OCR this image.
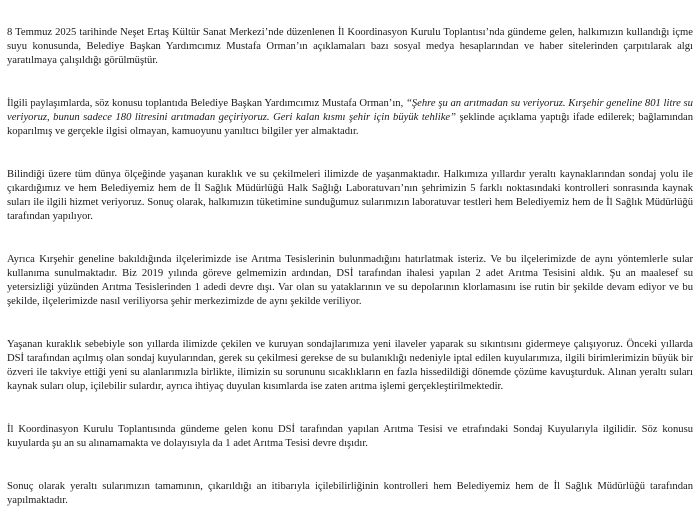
8 Temmuz 2025 tarihinde Neşet Ertaş Kültür Sanat Merkezi’nde düzenlenen İl Koordinasyon Kurulu Toplantısı’nda gündeme gelen, halkımızın kullandığı içme suyu konusunda, Belediye Başkan Yardımcımız Mustafa Orman’ın açıklamaları bazı sosyal medya hesaplarından ve haber sitelerinden çarpıtılarak algı yaratılmaya çalışıldığı görülmüştür.

İlgili paylaşımlarda, söz konusu toplantıda Belediye Başkan Yardımcımız Mustafa Orman’ın, “Şehre şu an arıtmadan su veriyoruz. Kırşehir geneline 801 litre su veriyoruz, bunun sadece 180 litresini arıtmadan geçiriyoruz. Geri kalan kısmı şehir için büyük tehlike” şeklinde açıklama yaptığı ifade edilerek; bağlamından koparılmış ve gerçekle ilgisi olmayan, kamuoyunu yanıltıcı bilgiler yer almaktadır.

Bilindiği üzere tüm dünya ölçeğinde yaşanan kuraklık ve su çekilmeleri ilimizde de yaşanmaktadır. Halkımıza yıllardır yeraltı kaynaklarından sondaj yolu ile çıkardığımız ve hem Belediyemiz hem de İl Sağlık Müdürlüğü Halk Sağlığı Laboratuvarı’nın şehrimizin 5 farklı noktasındaki kontrolleri sonrasında kaynak suları ile ilgili hizmet veriyoruz. Sonuç olarak, halkımızın tüketimine sunduğumuz sularımızın laboratuvar testleri hem Belediyemiz hem de İl Sağlık Müdürlüğü tarafından yapılıyor.

Ayrıca Kırşehir geneline bakıldığında ilçelerimizde ise Arıtma Tesislerinin bulunmadığını hatırlatmak isteriz. Ve bu ilçelerimizde de aynı yöntemlerle sular kullanıma sunulmaktadır. Biz 2019 yılında göreve gelmemizin ardından, DSİ tarafından ihalesi yapılan 2 adet Arıtma Tesisini aldık. Şu an maalesef su yetersizliği yüzünden Arıtma Tesislerinden 1 adedi devre dışı. Var olan su yataklarının ve su depolarının klorlamasını ise rutin bir şekilde devam ediyor ve bu şekilde, ilçelerimizde nasıl veriliyorsa şehir merkezimizde de aynı şekilde veriliyor.

Yaşanan kuraklık sebebiyle son yıllarda ilimizde çekilen ve kuruyan sondajlarımıza yeni ilaveler yaparak su sıkıntısını gidermeye çalışıyoruz. Önceki yıllarda DSİ tarafından açılmış olan sondaj kuyularından, gerek su çekilmesi gerekse de su bulanıklığı nedeniyle iptal edilen kuyularımıza, ilgili birimlerimizin büyük bir özveri ile takviye ettiği yeni su alanlarımızla birlikte, ilimizin su sorununu sıcaklıkların en fazla hissedildiği dönemde çözüme kavuşturduk. Alınan yeraltı suları kaynak suları olup, içilebilir sulardır, ayrıca ihtiyaç duyulan kısımlarda ise zaten arıtma işlemi gerçekleştirilmektedir.

İl Koordinasyon Kurulu Toplantısında gündeme gelen konu DSİ tarafından yapılan Arıtma Tesisi ve etrafındaki Sondaj Kuyularıyla ilgilidir. Söz konusu kuyularda şu an su alınamamakta ve dolayısıyla da 1 adet Arıtma Tesisi devre dışıdır.

Sonuç olarak yeraltı sularımızın tamamının, çıkarıldığı an itibarıyla içilebilirliğinin kontrolleri hem Belediyemiz hem de İl Sağlık Müdürlüğü tarafından yapılmaktadır.
